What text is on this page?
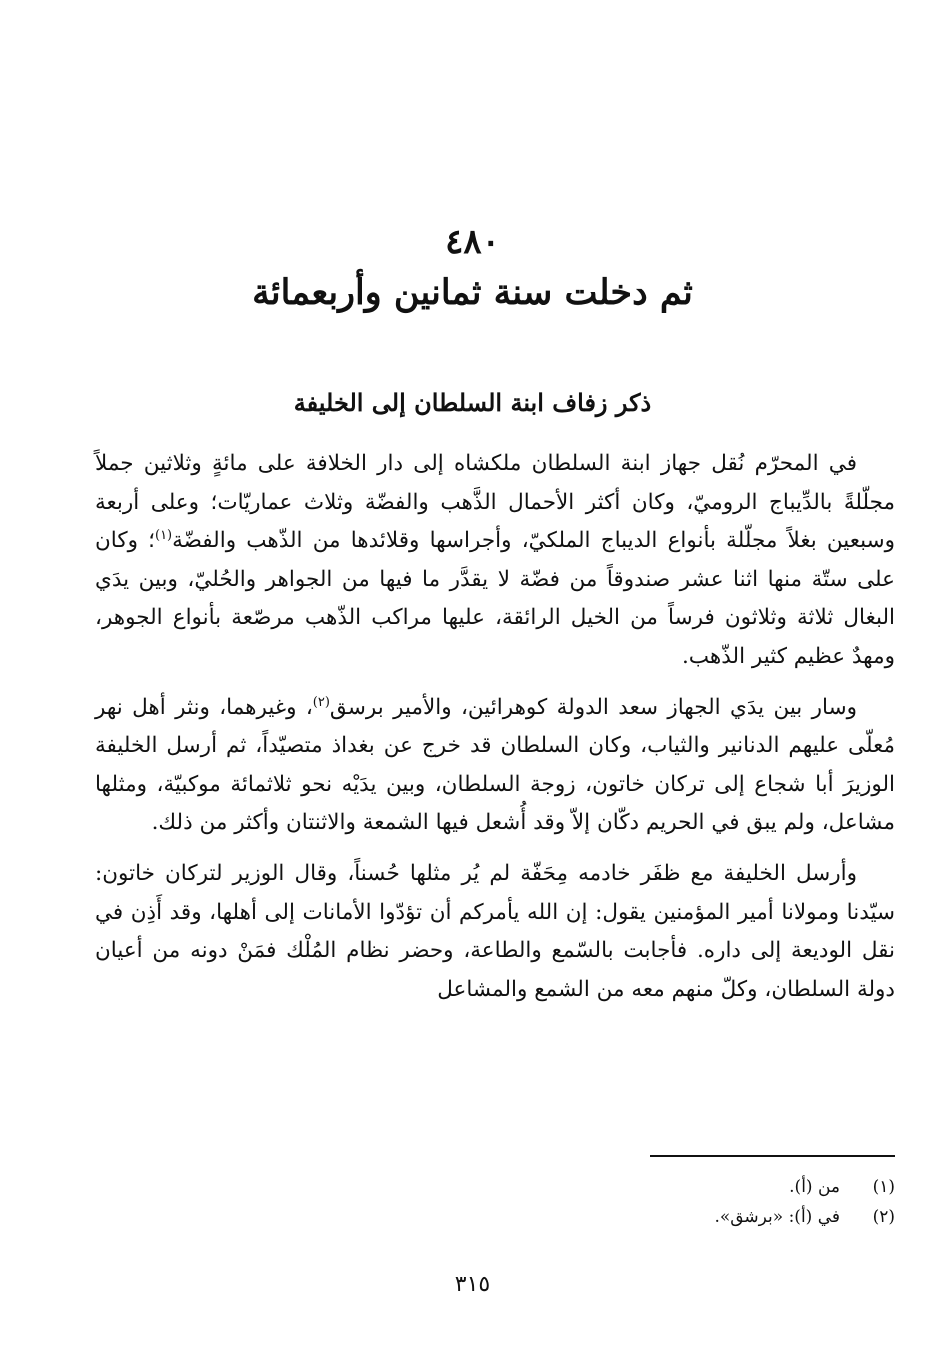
٤٨٠
ثم دخلت سنة ثمانين وأربعمائة
ذكر زفاف ابنة السلطان إلى الخليفة

في المحرّم نُقل جهاز ابنة السلطان ملكشاه إلى دار الخلافة على مائةٍ وثلاثين جملاً مجلّلةً بالدِّيباج الروميّ، وكان أكثر الأحمال الذَّهب والفضّة وثلاث عماريّات؛ وعلى أربعة وسبعين بغلاً مجلّلة بأنواع الديباج الملكيّ، وأجراسها وقلائدها من الذّهب والفضّة$^{(١)}$؛ وكان على ستّة منها اثنا عشر صندوقاً من فضّة لا يقدَّر ما فيها من الجواهر والحُليّ، وبين يدَي البغال ثلاثة وثلاثون فرساً من الخيل الرائقة، عليها مراكب الذّهب مرصّعة بأنواع الجوهر، ومهدٌ عظيم كثير الذّهب.

وسار بين يدَي الجهاز سعد الدولة كوهرائين، والأمير برسق$^{(٢)}$، وغيرهما، ونثر أهل نهر مُعلّى عليهم الدنانير والثياب، وكان السلطان قد خرج عن بغداذ متصيّداً، ثم أرسل الخليفة الوزيرَ أبا شجاع إلى تركان خاتون، زوجة السلطان، وبين يدَيْه نحو ثلاثمائة موكبيّة، ومثلها مشاعل، ولم يبق في الحريم دكّان إلاّ وقد أُشعل فيها الشمعة والاثنتان وأكثر من ذلك.

وأرسل الخليفة مع ظفَر خادمه مِحَفّة لم يُر مثلها حُسناً، وقال الوزير لتركان خاتون: سيّدنا ومولانا أمير المؤمنين يقول: إن الله يأمركم أن تؤدّوا الأمانات إلى أهلها، وقد أَذِن في نقل الوديعة إلى داره. فأجابت بالسّمع والطاعة، وحضر نظام المُلْك فمَنْ دونه من أعيان دولة السلطان، وكلّ منهم معه من الشمع والمشاعل

(١)
من (أ).
(٢)
في (أ): «برشق».
٣١٥
